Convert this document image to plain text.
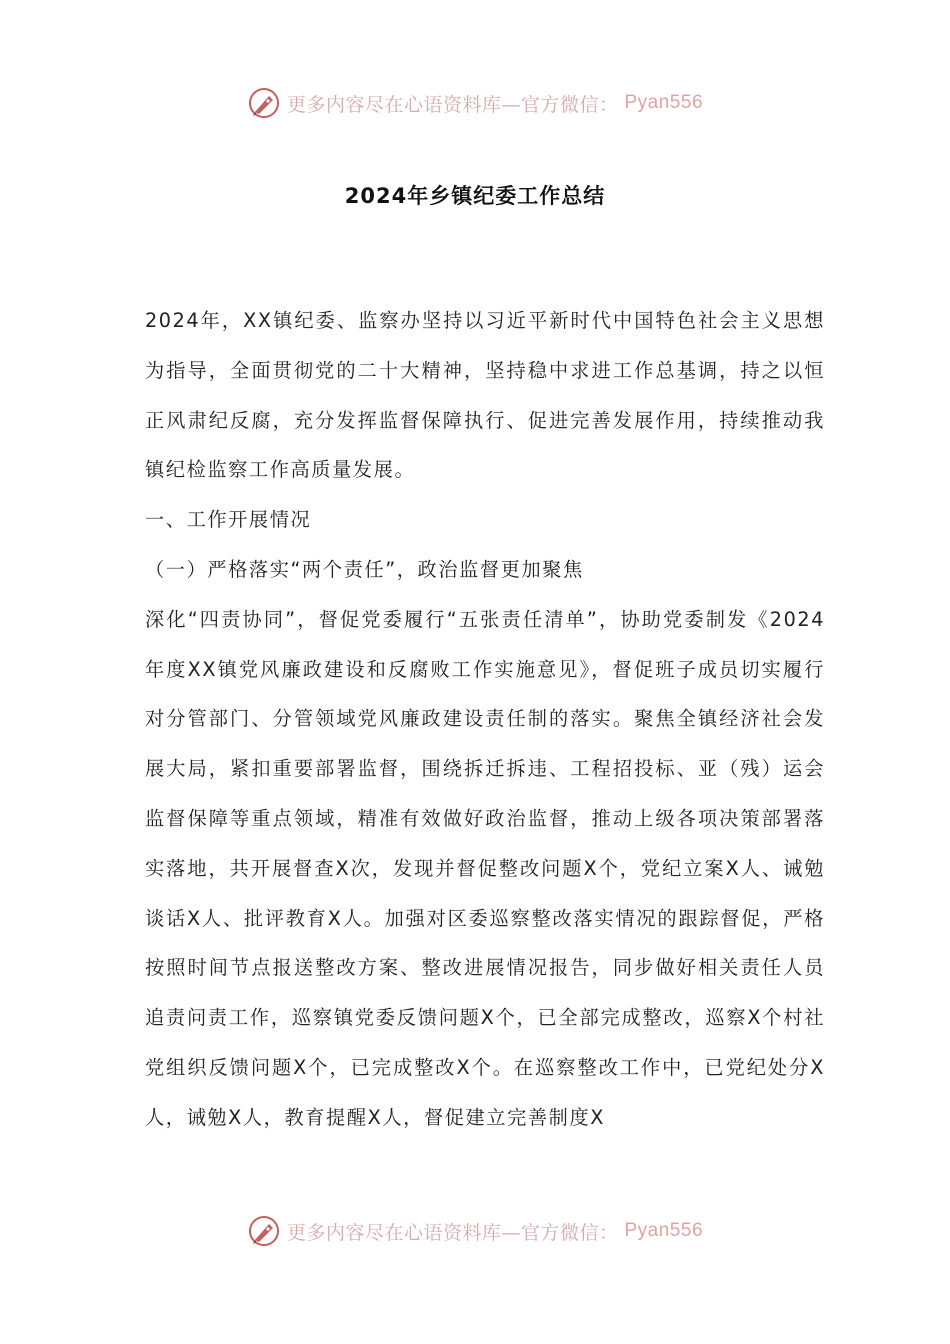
更多内容尽在心语资料库—官方微信： Pyan556
2024年乡镇纪委工作总结

2024年，XX镇纪委、监察办坚持以习近平新时代中国特色社会主义思想为指导，全面贯彻党的二十大精神，坚持稳中求进工作总基调，持之以恒正风肃纪反腐，充分发挥监督保障执行、促进完善发展作用，持续推动我镇纪检监察工作高质量发展。

一、工作开展情况

（一）严格落实“两个责任”，政治监督更加聚焦

深化“四责协同”，督促党委履行“五张责任清单”，协助党委制发《2024年度XX镇党风廉政建设和反腐败工作实施意见》，督促班子成员切实履行对分管部门、分管领域党风廉政建设责任制的落实。聚焦全镇经济社会发展大局，紧扣重要部署监督，围绕拆迁拆违、工程招投标、亚（残）运会监督保障等重点领域，精准有效做好政治监督，推动上级各项决策部署落实落地，共开展督查X次，发现并督促整改问题X个，党纪立案X人、诫勉谈话X人、批评教育X人。加强对区委巡察整改落实情况的跟踪督促，严格按照时间节点报送整改方案、整改进展情况报告，同步做好相关责任人员追责问责工作，巡察镇党委反馈问题X个，已全部完成整改，巡察X个村社党组织反馈问题X个，已完成整改X个。在巡察整改工作中，已党纪处分X人，诫勉X人，教育提醒X人，督促建立完善制度X

更多内容尽在心语资料库—官方微信： Pyan556
